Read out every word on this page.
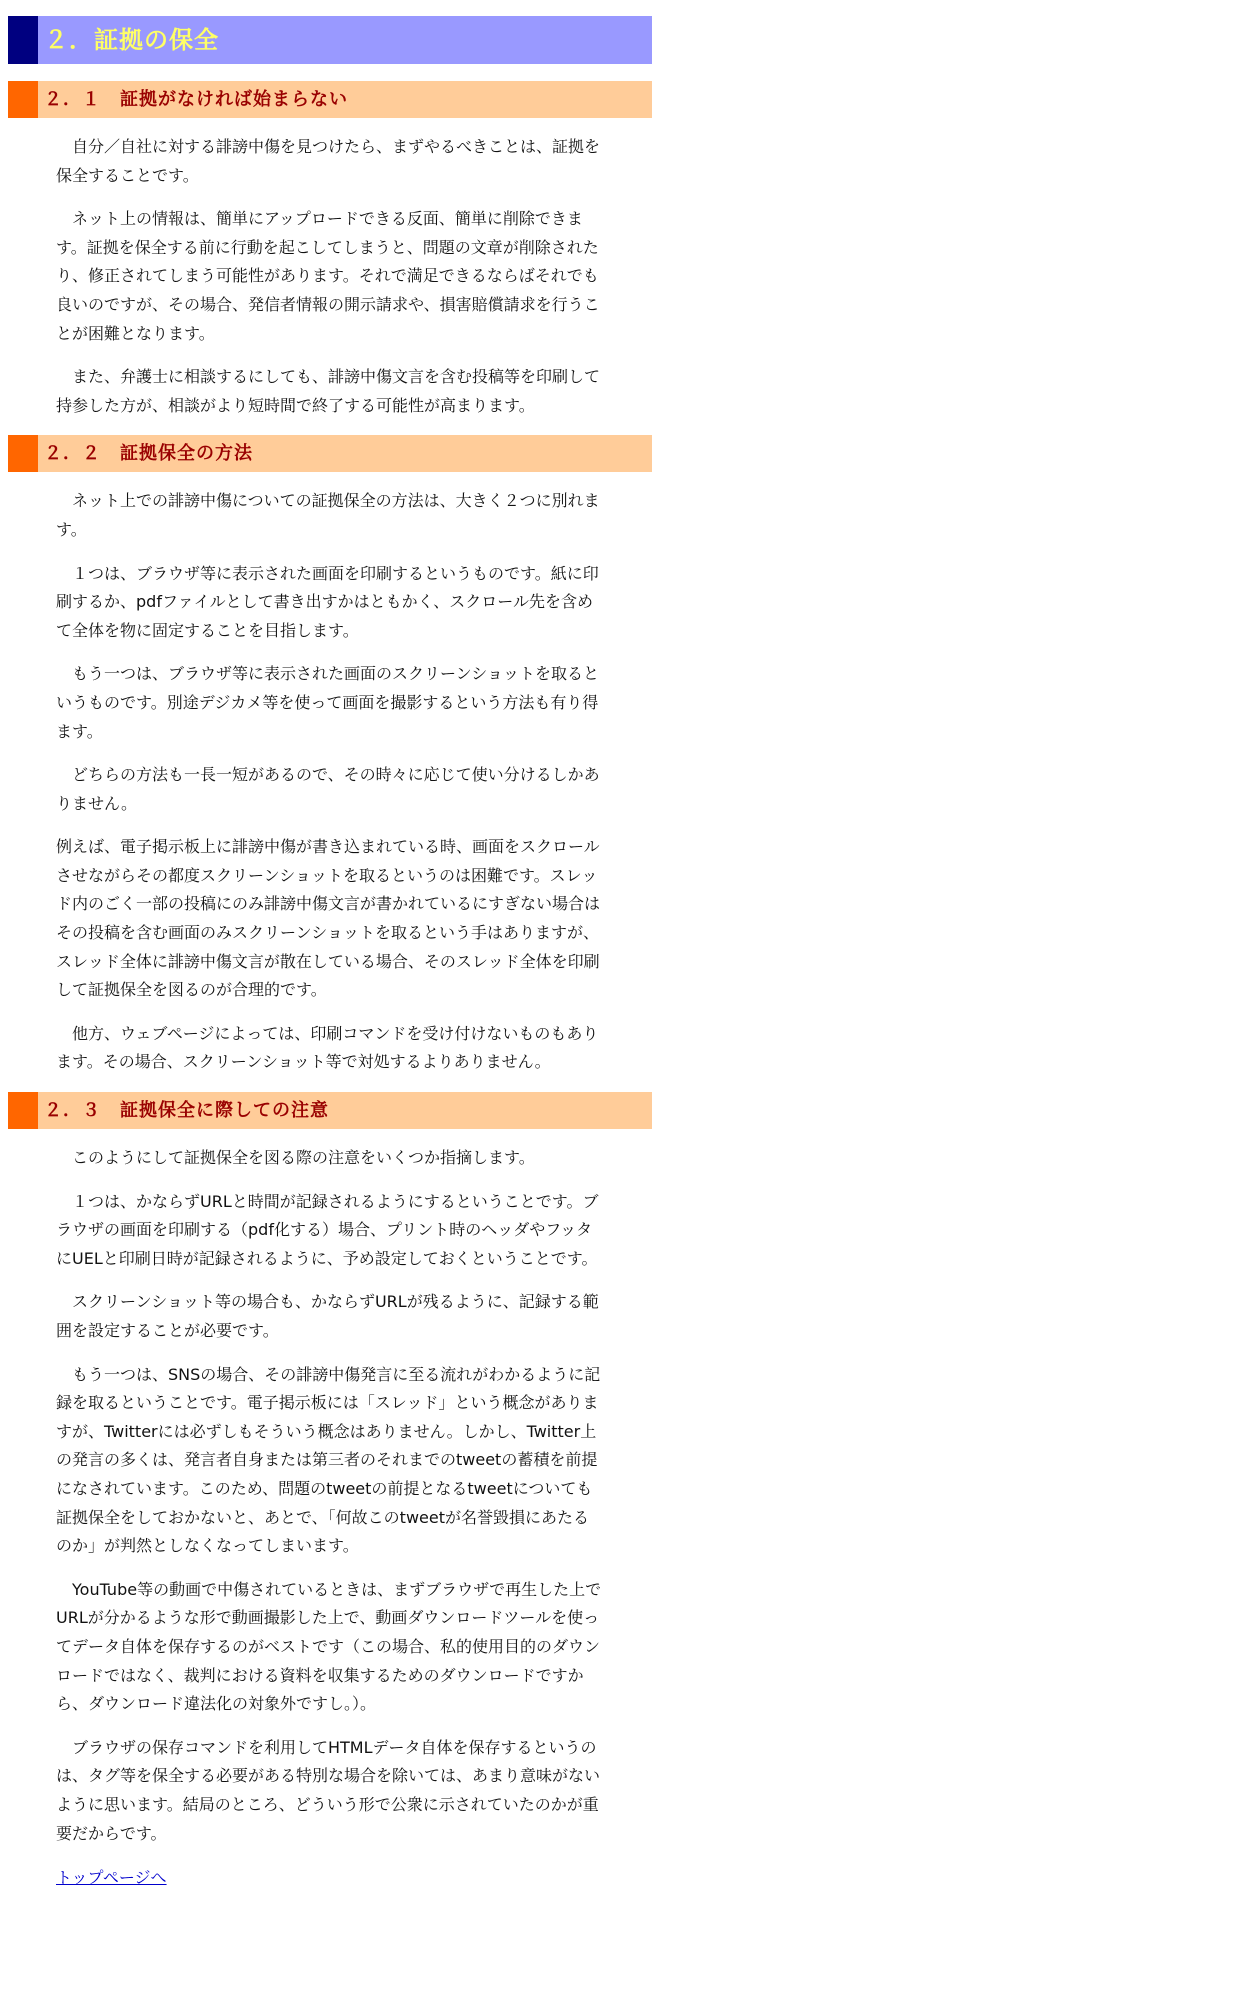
２．証拠の保全
２．１　証拠がなければ始まらない

自分／自社に対する誹謗中傷を見つけたら、まずやるべきことは、証拠を保全することです。

ネット上の情報は、簡単にアップロードできる反面、簡単に削除できます。証拠を保全する前に行動を起こしてしまうと、問題の文章が削除されたり、修正されてしまう可能性があります。それで満足できるならばそれでも良いのですが、その場合、発信者情報の開示請求や、損害賠償請求を行うことが困難となります。

また、弁護士に相談するにしても、誹謗中傷文言を含む投稿等を印刷して持参した方が、相談がより短時間で終了する可能性が高まります。

２．２　証拠保全の方法

ネット上での誹謗中傷についての証拠保全の方法は、大きく２つに別れます。

１つは、ブラウザ等に表示された画面を印刷するというものです。紙に印刷するか、pdfファイルとして書き出すかはともかく、スクロール先を含めて全体を物に固定することを目指します。

もう一つは、ブラウザ等に表示された画面のスクリーンショットを取るというものです。別途デジカメ等を使って画面を撮影するという方法も有り得ます。

どちらの方法も一長一短があるので、その時々に応じて使い分けるしかありません。

例えば、電子掲示板上に誹謗中傷が書き込まれている時、画面をスクロールさせながらその都度スクリーンショットを取るというのは困難です。スレッド内のごく一部の投稿にのみ誹謗中傷文言が書かれているにすぎない場合はその投稿を含む画面のみスクリーンショットを取るという手はありますが、スレッド全体に誹謗中傷文言が散在している場合、そのスレッド全体を印刷して証拠保全を図るのが合理的です。

他方、ウェブページによっては、印刷コマンドを受け付けないものもあります。その場合、スクリーンショット等で対処するよりありません。

２．３　証拠保全に際しての注意

このようにして証拠保全を図る際の注意をいくつか指摘します。

１つは、かならずURLと時間が記録されるようにするということです。ブラウザの画面を印刷する（pdf化する）場合、プリント時のヘッダやフッタにUELと印刷日時が記録されるように、予め設定しておくということです。

スクリーンショット等の場合も、かならずURLが残るように、記録する範囲を設定することが必要です。

もう一つは、SNSの場合、その誹謗中傷発言に至る流れがわかるように記録を取るということです。電子掲示板には「スレッド」という概念がありますが、Twitterには必ずしもそういう概念はありません。しかし、Twitter上の発言の多くは、発言者自身または第三者のそれまでのtweetの蓄積を前提になされています。このため、問題のtweetの前提となるtweetについても証拠保全をしておかないと、あとで、「何故このtweetが名誉毀損にあたるのか」が判然としなくなってしまいます。

YouTube等の動画で中傷されているときは、まずブラウザで再生した上でURLが分かるような形で動画撮影した上で、動画ダウンロードツールを使ってデータ自体を保存するのがベストです（この場合、私的使用目的のダウンロードではなく、裁判における資料を収集するためのダウンロードですから、ダウンロード違法化の対象外ですし。）。

ブラウザの保存コマンドを利用してHTMLデータ自体を保存するというのは、タグ等を保全する必要がある特別な場合を除いては、あまり意味がないように思います。結局のところ、どういう形で公衆に示されていたのかが重要だからです。

トップページへ
